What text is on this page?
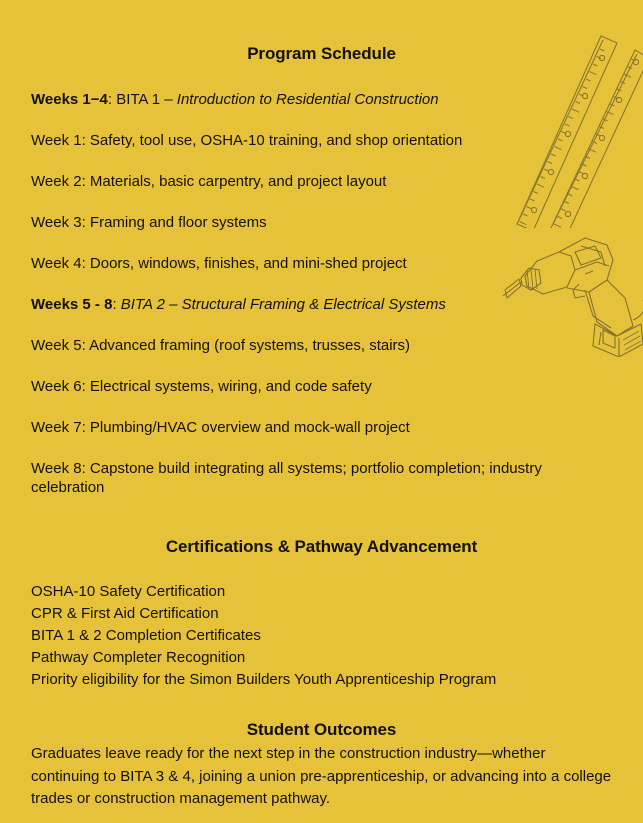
Program Schedule

Weeks 1−4: BITA 1 – Introduction to Residential Construction

Week 1: Safety, tool use, OSHA-10 training, and shop orientation

Week 2: Materials, basic carpentry, and project layout

Week 3: Framing and floor systems

Week 4: Doors, windows, finishes, and mini-shed project

Weeks 5 - 8: BITA 2 – Structural Framing & Electrical Systems

Week 5: Advanced framing (roof systems, trusses, stairs)

Week 6: Electrical systems, wiring, and code safety

Week 7: Plumbing/HVAC overview and mock-wall project

Week 8: Capstone build integrating all systems; portfolio completion; industry celebration

Certifications & Pathway Advancement
OSHA-10 Safety Certification
CPR & First Aid Certification
BITA 1 & 2 Completion Certificates
Pathway Completer Recognition
Priority eligibility for the Simon Builders Youth Apprenticeship Program
Student Outcomes

Graduates leave ready for the next step in the construction industry—whether continuing to BITA 3 & 4, joining a union pre-apprenticeship, or advancing into a college trades or construction management pathway.
